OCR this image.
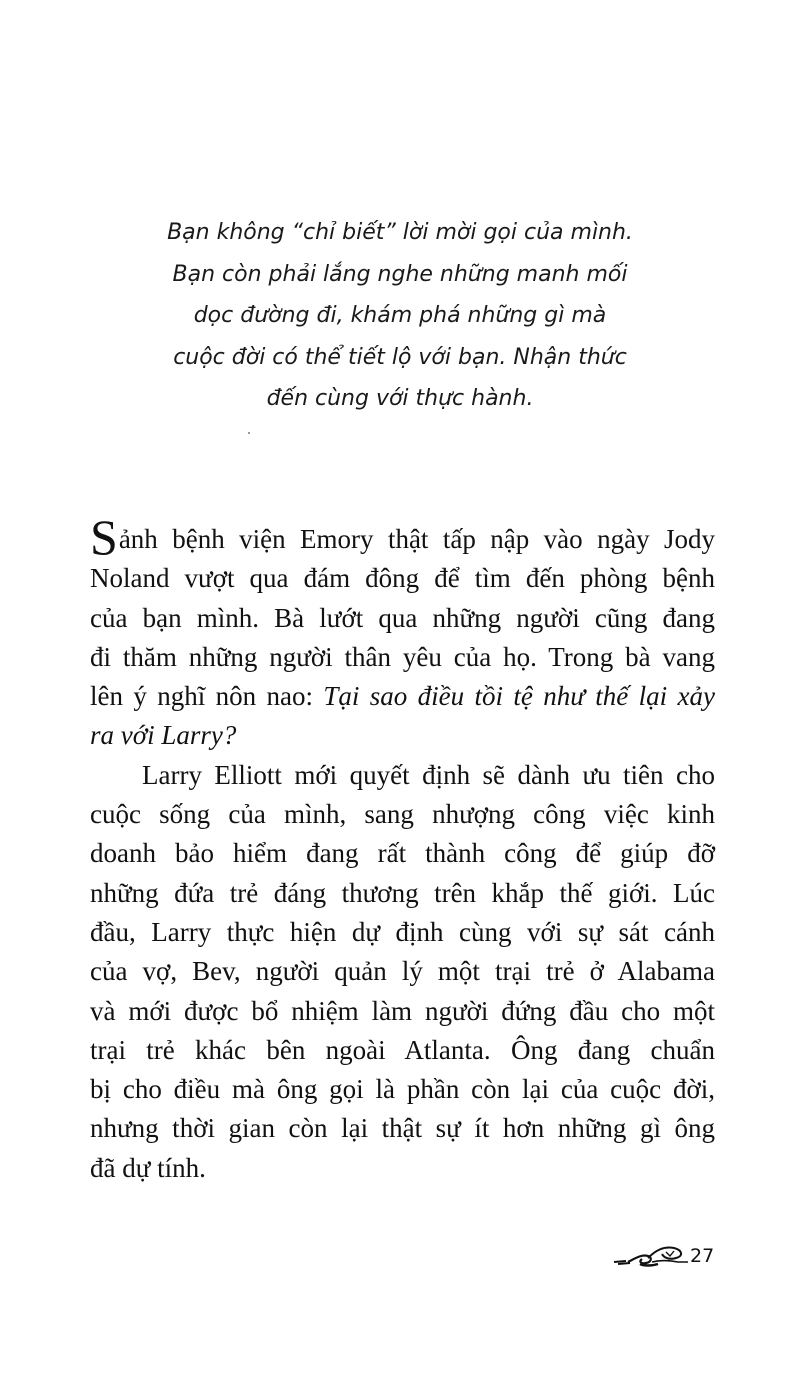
Bạn không “chỉ biết” lời mời gọi của mình.
Bạn còn phải lắng nghe những manh mối
dọc đường đi, khám phá những gì mà
cuộc đời có thể tiết lộ với bạn. Nhận thức
đến cùng với thực hành.
Sảnh bệnh viện Emory thật tấp nập vào ngày Jody
Noland vượt qua đám đông để tìm đến phòng bệnh
của bạn mình. Bà lướt qua những người cũng đang
đi thăm những người thân yêu của họ. Trong bà vang
lên ý nghĩ nôn nao: Tại sao điều tồi tệ như thế lại xảy
ra với Larry?
Larry Elliott mới quyết định sẽ dành ưu tiên cho
cuộc sống của mình, sang nhượng công việc kinh
doanh bảo hiểm đang rất thành công để giúp đỡ
những đứa trẻ đáng thương trên khắp thế giới. Lúc
đầu, Larry thực hiện dự định cùng với sự sát cánh
của vợ, Bev, người quản lý một trại trẻ ở Alabama
và mới được bổ nhiệm làm người đứng đầu cho một
trại trẻ khác bên ngoài Atlanta. Ông đang chuẩn
bị cho điều mà ông gọi là phần còn lại của cuộc đời,
nhưng thời gian còn lại thật sự ít hơn những gì ông
đã dự tính.
27
